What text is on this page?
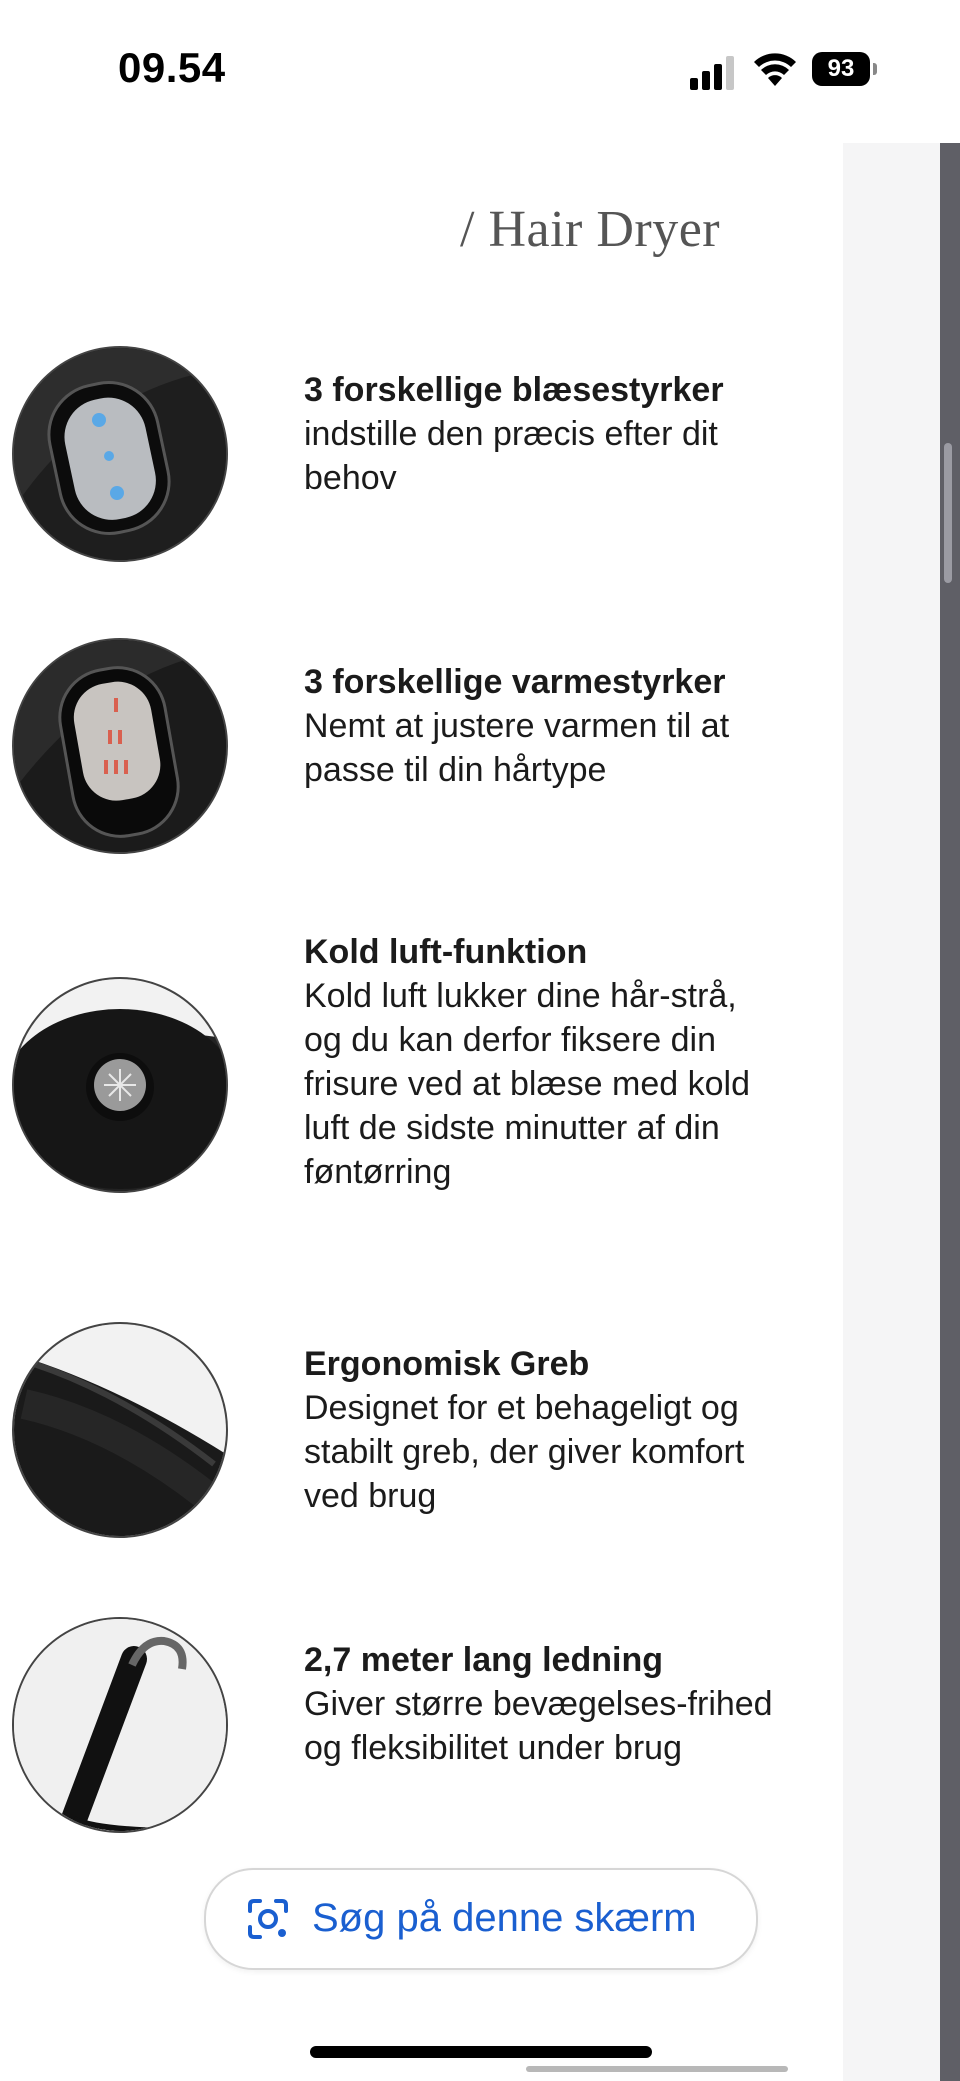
09.54	93
/ Hair Dryer
3 forskellige blæsestyrker
indstille den præcis efter dit behov
3 forskellige varmestyrker
Nemt at justere varmen til at passe til din hårtype
Kold luft-funktion
Kold luft lukker dine hår-strå, og du kan derfor fiksere din frisure ved at blæse med kold luft de sidste minutter af din føntørring
Ergonomisk Greb
Designet for et behageligt og stabilt greb, der giver komfort ved brug
2,7 meter lang ledning
Giver større bevægelses-frihed og fleksibilitet under brug
Søg på denne skærm
